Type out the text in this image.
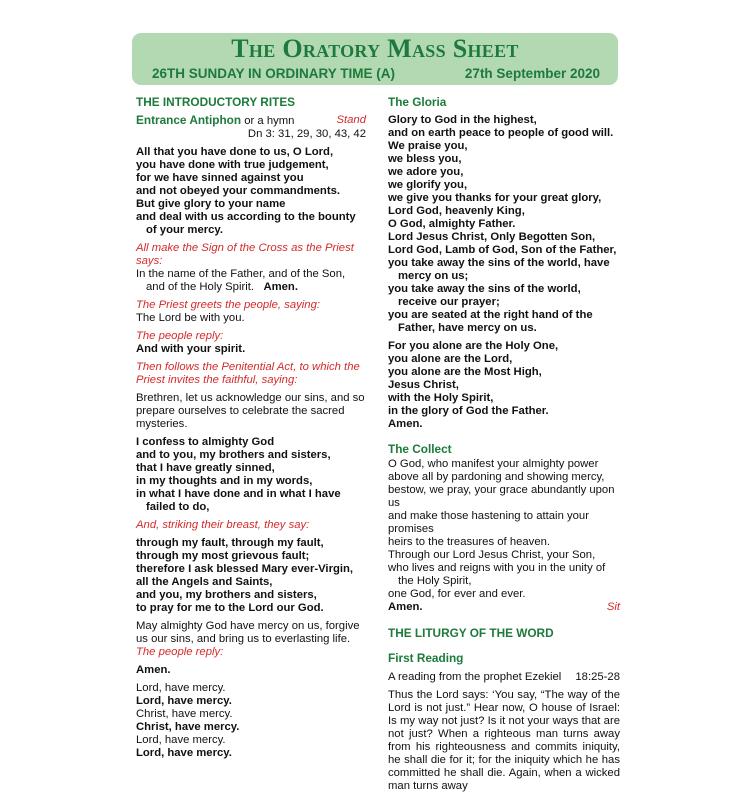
The Oratory Mass Sheet
26TH SUNDAY IN ORDINARY TIME (A)	27th September 2020
THE INTRODUCTORY RITES
Entrance Antiphon or a hymn	Stand
Dn 3: 31, 29, 30, 43, 42
All that you have done to us, O Lord,
you have done with true judgement,
for we have sinned against you
and not obeyed your commandments.
But give glory to your name
and deal with us according to the bounty of your mercy.
All make the Sign of the Cross as the Priest says:
In the name of the Father, and of the Son, and of the Holy Spirit. Amen.
The Priest greets the people, saying:
The Lord be with you.
The people reply:
And with your spirit.
Then follows the Penitential Act, to which the Priest invites the faithful, saying:
Brethren, let us acknowledge our sins, and so prepare ourselves to celebrate the sacred mysteries.
I confess to almighty God
and to you, my brothers and sisters,
that I have greatly sinned,
in my thoughts and in my words,
in what I have done and in what I have failed to do,
And, striking their breast, they say:
through my fault, through my fault,
through my most grievous fault;
therefore I ask blessed Mary ever-Virgin,
all the Angels and Saints,
and you, my brothers and sisters,
to pray for me to the Lord our God.
May almighty God have mercy on us, forgive us our sins, and bring us to everlasting life.
The people reply:
Amen.
Lord, have mercy.
Lord, have mercy.
Christ, have mercy.
Christ, have mercy.
Lord, have mercy.
Lord, have mercy.
The Gloria
Glory to God in the highest,
and on earth peace to people of good will.
We praise you,
we bless you,
we adore you,
we glorify you,
we give you thanks for your great glory,
Lord God, heavenly King,
O God, almighty Father.
Lord Jesus Christ, Only Begotten Son,
Lord God, Lamb of God, Son of the Father,
you take away the sins of the world, have mercy on us;
you take away the sins of the world, receive our prayer;
you are seated at the right hand of the Father, have mercy on us.
For you alone are the Holy One,
you alone are the Lord,
you alone are the Most High,
Jesus Christ,
with the Holy Spirit,
in the glory of God the Father.
Amen.
The Collect
O God, who manifest your almighty power
above all by pardoning and showing mercy,
bestow, we pray, your grace abundantly upon us
and make those hastening to attain your promises
heirs to the treasures of heaven.
Through our Lord Jesus Christ, your Son,
who lives and reigns with you in the unity of the Holy Spirit,
one God, for ever and ever.
Amen.	Sit
THE LITURGY OF THE WORD
First Reading
A reading from the prophet Ezekiel 18:25-28
Thus the Lord says: ‘You say, “The way of the Lord is not just.” Hear now, O house of Israel: Is my way not just? Is it not your ways that are not just? When a righteous man turns away from his righteousness and commits iniquity, he shall die for it; for the iniquity which he has committed he shall die. Again, when a wicked man turns away
